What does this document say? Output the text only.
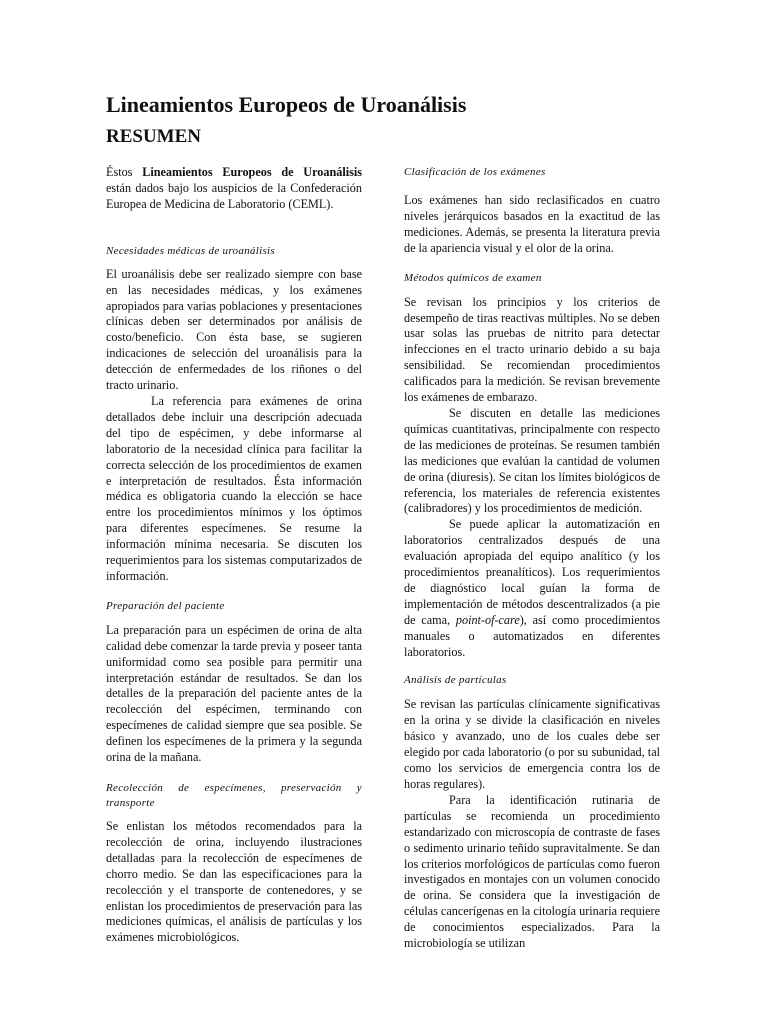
Lineamientos Europeos de Uroanálisis
RESUMEN

Éstos Lineamientos Europeos de Uroanálisis están dados bajo los auspicios de la Confederación Europea de Medicina de Laboratorio (CEML).

Necesidades médicas de uroanálisis

El uroanálisis debe ser realizado siempre con base en las necesidades médicas, y los exámenes apropiados para varias poblaciones y presentaciones clínicas deben ser determinados por análisis de costo/beneficio. Con ésta base, se sugieren indicaciones de selección del uroanálisis para la detección de enfermedades de los riñones o del tracto urinario.

La referencia para exámenes de orina detallados debe incluir una descripción adecuada del tipo de espécimen, y debe informarse al laboratorio de la necesidad clínica para facilitar la correcta selección de los procedimientos de examen e interpretación de resultados. Ésta información médica es obligatoria cuando la elección se hace entre los procedimientos mínimos y los óptimos para diferentes especímenes. Se resume la información mínima necesaria. Se discuten los requerimientos para los sistemas computarizados de información.

Preparación del paciente

La preparación para un espécimen de orina de alta calidad debe comenzar la tarde previa y poseer tanta uniformidad como sea posible para permitir una interpretación estándar de resultados. Se dan los detalles de la preparación del paciente antes de la recolección del espécimen, terminando con especímenes de calidad siempre que sea posible. Se definen los especímenes de la primera y la segunda orina de la mañana.

Recolección de especímenes, preservación y transporte

Se enlistan los métodos recomendados para la recolección de orina, incluyendo ilustraciones detalladas para la recolección de especímenes de chorro medio. Se dan las especificaciones para la recolección y el transporte de contenedores, y se enlistan los procedimientos de preservación para las mediciones químicas, el análisis de partículas y los exámenes microbiológicos.

Clasificación de los exámenes

Los exámenes han sido reclasificados en cuatro niveles jerárquicos basados en la exactitud de las mediciones. Además, se presenta la literatura previa de la apariencia visual y el olor de la orina.

Métodos químicos de examen

Se revisan los principios y los criterios de desempeño de tiras reactivas múltiples. No se deben usar solas las pruebas de nitrito para detectar infecciones en el tracto urinario debido a su baja sensibilidad. Se recomiendan procedimientos calificados para la medición. Se revisan brevemente los exámenes de embarazo.

Se discuten en detalle las mediciones químicas cuantitativas, principalmente con respecto de las mediciones de proteínas. Se resumen también las mediciones que evalúan la cantidad de volumen de orina (diuresis). Se citan los límites biológicos de referencia, los materiales de referencia existentes (calibradores) y los procedimientos de medición.

Se puede aplicar la automatización en laboratorios centralizados después de una evaluación apropiada del equipo analítico (y los procedimientos preanalíticos). Los requerimientos de diagnóstico local guían la forma de implementación de métodos descentralizados (a pie de cama, point-of-care), así como procedimientos manuales o automatizados en diferentes laboratorios.

Análisis de partículas

Se revisan las partículas clínicamente significativas en la orina y se divide la clasificación en niveles básico y avanzado, uno de los cuales debe ser elegido por cada laboratorio (o por su subunidad, tal como los servicios de emergencia contra los de horas regulares).

Para la identificación rutinaria de partículas se recomienda un procedimiento estandarizado con microscopía de contraste de fases o sedimento urinario teñido supravitalmente. Se dan los criterios morfológicos de partículas como fueron investigados en montajes con un volumen conocido de orina. Se considera que la investigación de células cancerígenas en la citología urinaria requiere de conocimientos especializados. Para la microbiología se utilizan
